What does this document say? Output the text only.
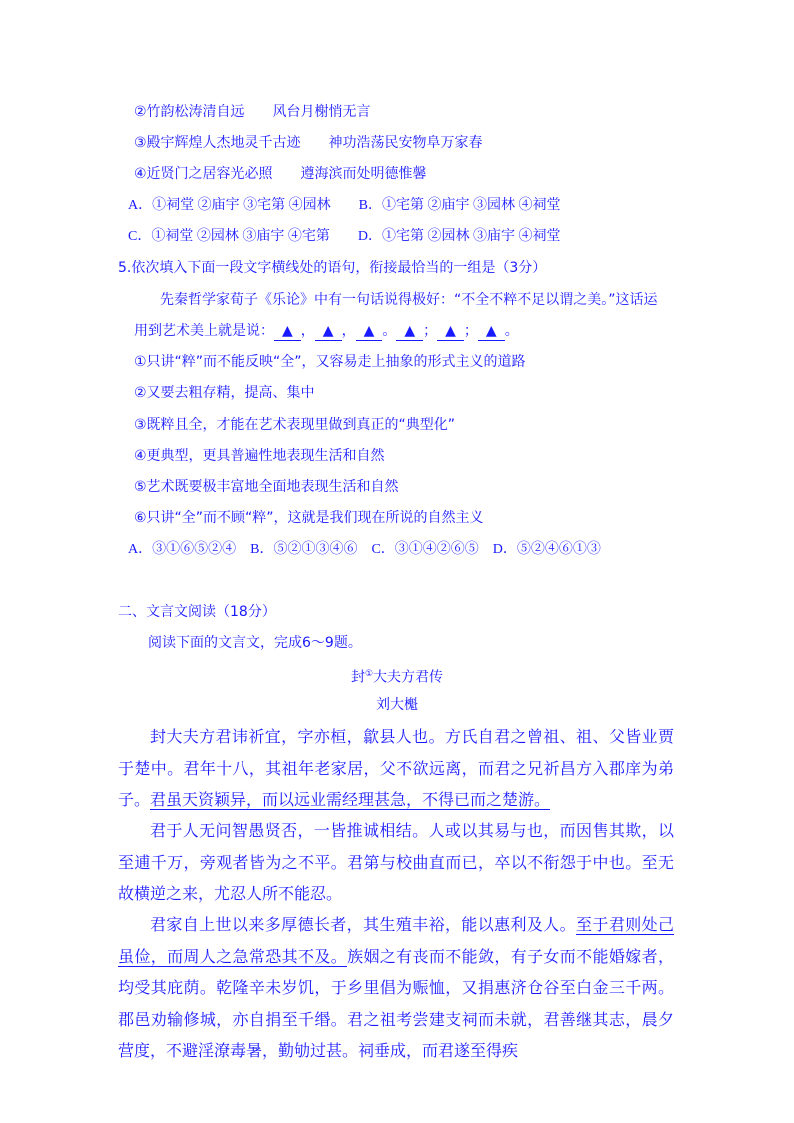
②竹韵松涛清自远　　风台月榭悄无言
③殿宇辉煌人杰地灵千古迹　　神功浩荡民安物阜万家春
④近贤门之居容光必照　　遵海滨而处明德惟馨
A．①祠堂 ②庙宇 ③宅第 ④园林　　B．①宅第 ②庙宇 ③园林 ④祠堂
C．①祠堂 ②园林 ③庙宇 ④宅第　　D．①宅第 ②园林 ③庙宇 ④祠堂
5.依次填入下面一段文字横线处的语句，衔接最恰当的一组是（3分）
先秦哲学家荀子《乐论》中有一句话说得极好：“不全不粹不足以谓之美。”这话运
用到艺术美上就是说： ▲ ， ▲ ， ▲ 。 ▲ ； ▲ ； ▲ 。
①只讲“粹”而不能反映“全”，又容易走上抽象的形式主义的道路
②又要去粗存精，提高、集中
③既粹且全，才能在艺术表现里做到真正的“典型化”
④更典型，更具普遍性地表现生活和自然
⑤艺术既要极丰富地全面地表现生活和自然
⑥只讲“全”而不顾“粹”，这就是我们现在所说的自然主义
A．③①⑥⑤②④　B．⑤②①③④⑥　C．③①④②⑥⑤　D．⑤②④⑥①③
二、文言文阅读（18分）
阅读下面的文言文，完成6～9题。
封①大夫方君传
刘大櫆

封大夫方君讳祈宜，字亦桓，歙县人也。方氏自君之曾祖、祖、父皆业贾于楚中。君年十八，其祖年老家居，父不欲远离，而君之兄祈昌方入郡庠为弟子。君虽天资颖异，而以远业需经理甚急，不得已而之楚游。

君于人无问智愚贤否，一皆推诚相结。人或以其易与也，而因售其欺，以至逋千万，旁观者皆为之不平。君第与校曲直而已，卒以不衔怨于中也。至无故横逆之来，尤忍人所不能忍。

君家自上世以来多厚德长者，其生殖丰裕，能以惠利及人。至于君则处己虽俭，而周人之急常恐其不及。族姻之有丧而不能敛，有子女而不能婚嫁者，均受其庇荫。乾隆辛未岁饥，于乡里倡为赈恤，又捐惠济仓谷至白金三千两。郡邑劝输修城，亦自捐至千缗。君之祖考尝建支祠而未就，君善继其志，晨夕营度，不避淫潦毒暑，勤劬过甚。祠垂成，而君遂至得疾
